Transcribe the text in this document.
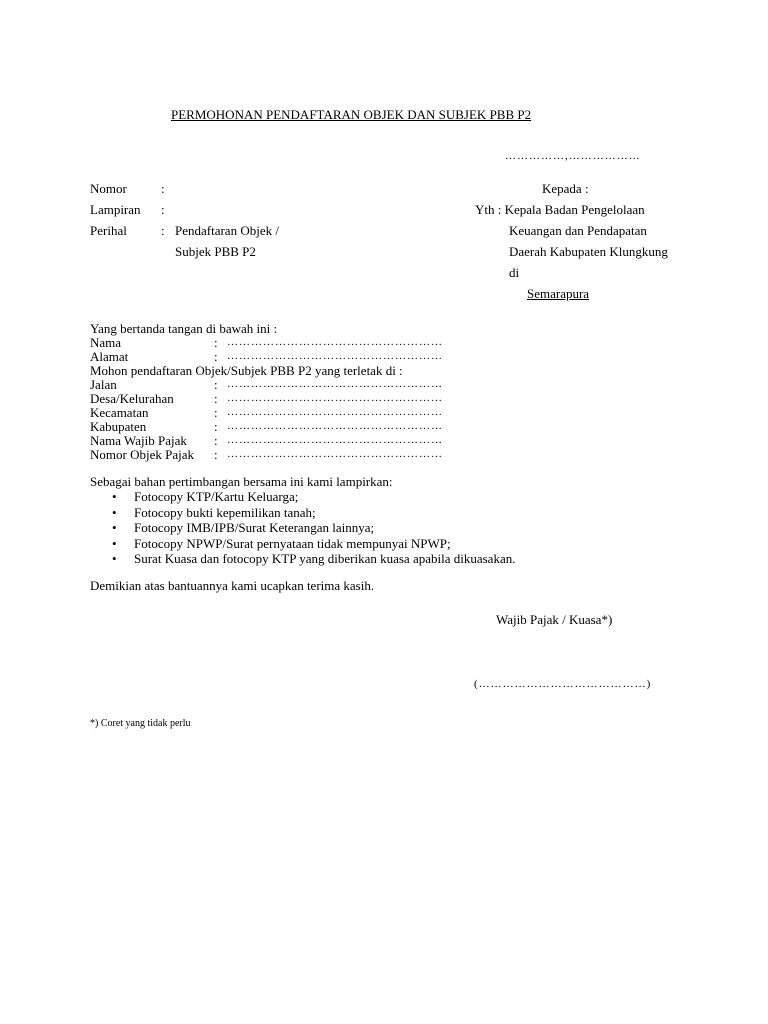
PERMOHONAN PENDAFTARAN OBJEK DAN SUBJEK PBB P2
……………,………………
Nomor	:
Lampiran :
Perihal	: Pendaftaran Objek /
Subjek PBB P2
Kepada :
Yth : Kepala Badan Pengelolaan
Keuangan dan Pendapatan
Daerah Kabupaten Klungkung
di
Semarapura
Yang bertanda tangan di bawah ini :
Nama	: ………………………………………………
Alamat	: ………………………………………………
Mohon pendaftaran Objek/Subjek PBB P2 yang terletak di :
Jalan	: ………………………………………………
Desa/Kelurahan	: ………………………………………………
Kecamatan	: ………………………………………………
Kabupaten	: ………………………………………………
Nama Wajib Pajak : ………………………………………………
Nomor Objek Pajak : ………………………………………………
Sebagai bahan pertimbangan bersama ini kami lampirkan:
• Fotocopy KTP/Kartu Keluarga;
• Fotocopy bukti kepemilikan tanah;
• Fotocopy IMB/IPB/Surat Keterangan lainnya;
• Fotocopy NPWP/Surat pernyataan tidak mempunyai NPWP;
• Surat Kuasa dan fotocopy KTP yang diberikan kuasa apabila dikuasakan.
Demikian atas bantuannya kami ucapkan terima kasih.
Wajib Pajak / Kuasa*)
(……………………………………)
*) Coret yang tidak perlu
